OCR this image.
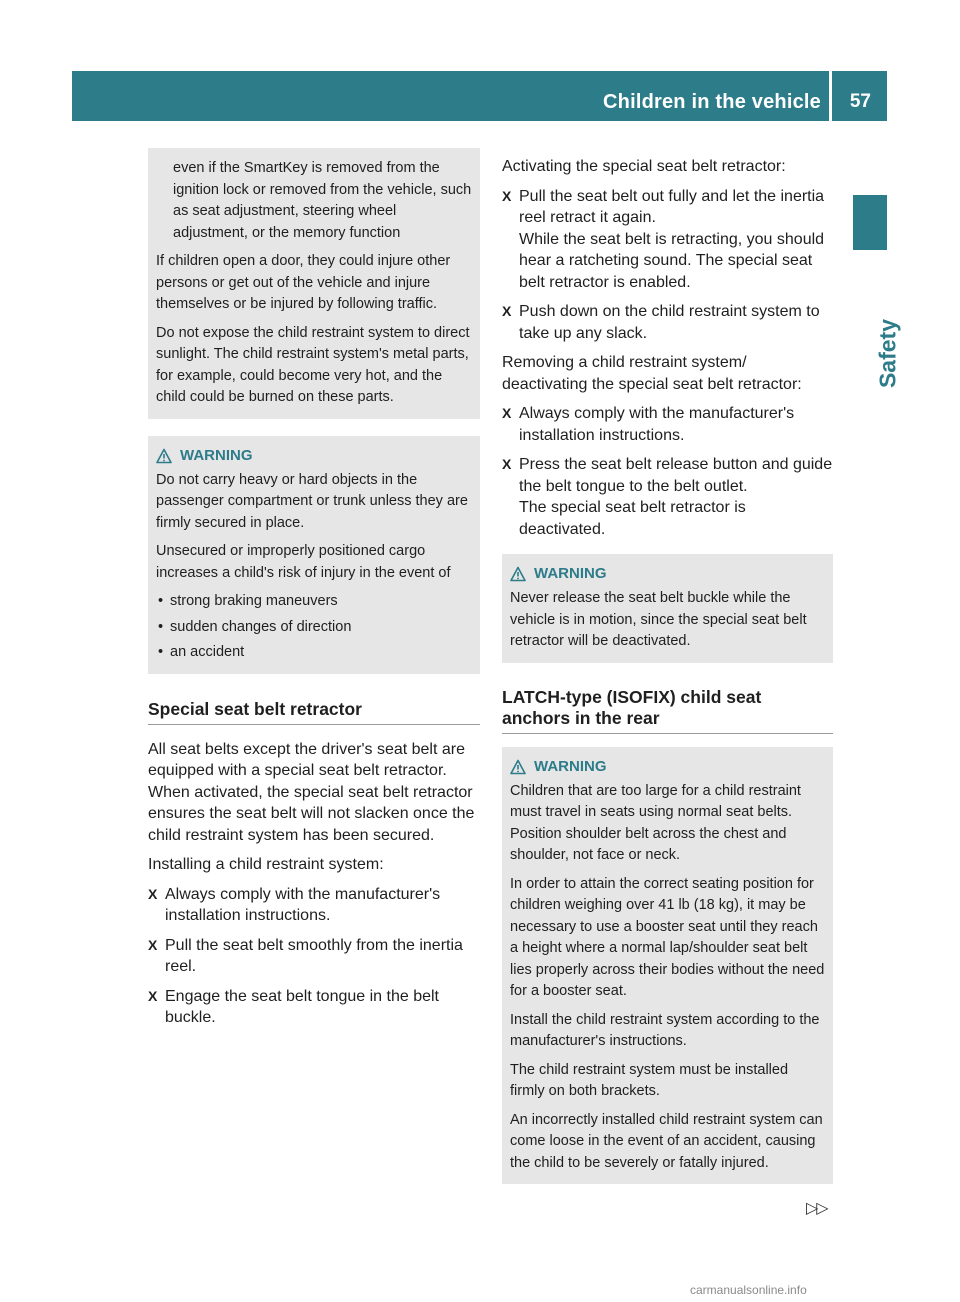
Children in the vehicle 57
Safety

even if the SmartKey is removed from the ignition lock or removed from the vehicle, such as seat adjustment, steering wheel adjustment, or the memory function

If children open a door, they could injure other persons or get out of the vehicle and injure themselves or be injured by following traffic.

Do not expose the child restraint system to direct sunlight. The child restraint system's metal parts, for example, could become very hot, and the child could be burned on these parts.

WARNING

Do not carry heavy or hard objects in the passenger compartment or trunk unless they are firmly secured in place.

Unsecured or improperly positioned cargo increases a child's risk of injury in the event of

• strong braking maneuvers
• sudden changes of direction
• an accident
Special seat belt retractor

All seat belts except the driver's seat belt are equipped with a special seat belt retractor. When activated, the special seat belt retractor ensures the seat belt will not slacken once the child restraint system has been secured.

Installing a child restraint system:

X Always comply with the manufacturer's installation instructions.
X Pull the seat belt smoothly from the inertia reel.
X Engage the seat belt tongue in the belt buckle.

Activating the special seat belt retractor:

X Pull the seat belt out fully and let the inertia reel retract it again.
While the seat belt is retracting, you should hear a ratcheting sound. The special seat belt retractor is enabled.
X Push down on the child restraint system to take up any slack.

Removing a child restraint system/ deactivating the special seat belt retractor:

X Always comply with the manufacturer's installation instructions.
X Press the seat belt release button and guide the belt tongue to the belt outlet.
The special seat belt retractor is deactivated.
WARNING

Never release the seat belt buckle while the vehicle is in motion, since the special seat belt retractor will be deactivated.

LATCH-type (ISOFIX) child seat anchors in the rear
WARNING

Children that are too large for a child restraint must travel in seats using normal seat belts. Position shoulder belt across the chest and shoulder, not face or neck.

In order to attain the correct seating position for children weighing over 41 lb (18 kg), it may be necessary to use a booster seat until they reach a height where a normal lap/shoulder seat belt lies properly across their bodies without the need for a booster seat.

Install the child restraint system according to the manufacturer's instructions.

The child restraint system must be installed firmly on both brackets.

An incorrectly installed child restraint system can come loose in the event of an accident, causing the child to be severely or fatally injured.

▷▷
carmanualsonline.info
